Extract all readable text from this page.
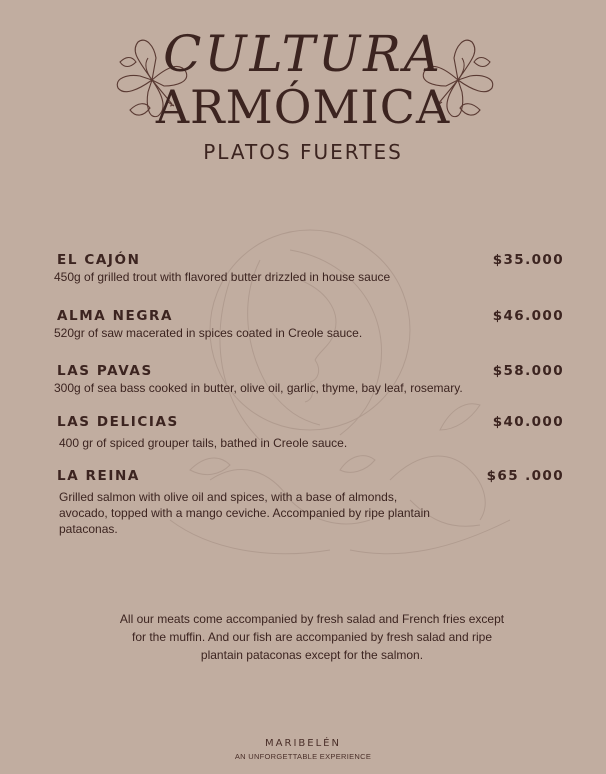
CULTURA
ARMÓMICA
PLATOS FUERTES
EL CAJÓN	$35.000
450g of grilled trout with flavored butter drizzled in house sauce
ALMA NEGRA	$46.000
520gr of saw macerated in spices coated in Creole sauce.
LAS PAVAS	$58.000
300g of sea bass cooked in butter, olive oil, garlic, thyme, bay leaf, rosemary.
LAS DELICIAS	$40.000
400 gr of spiced grouper tails, bathed in Creole sauce.
LA REINA	$65 .000
Grilled salmon with olive oil and spices, with a base of almonds, avocado, topped with a mango ceviche. Accompanied by ripe plantain pataconas.
All our meats come accompanied by fresh salad and French fries except for the muffin. And our fish are accompanied by fresh salad and ripe plantain pataconas except for the salmon.
MARIBELÉN
AN UNFORGETTABLE EXPERIENCE
